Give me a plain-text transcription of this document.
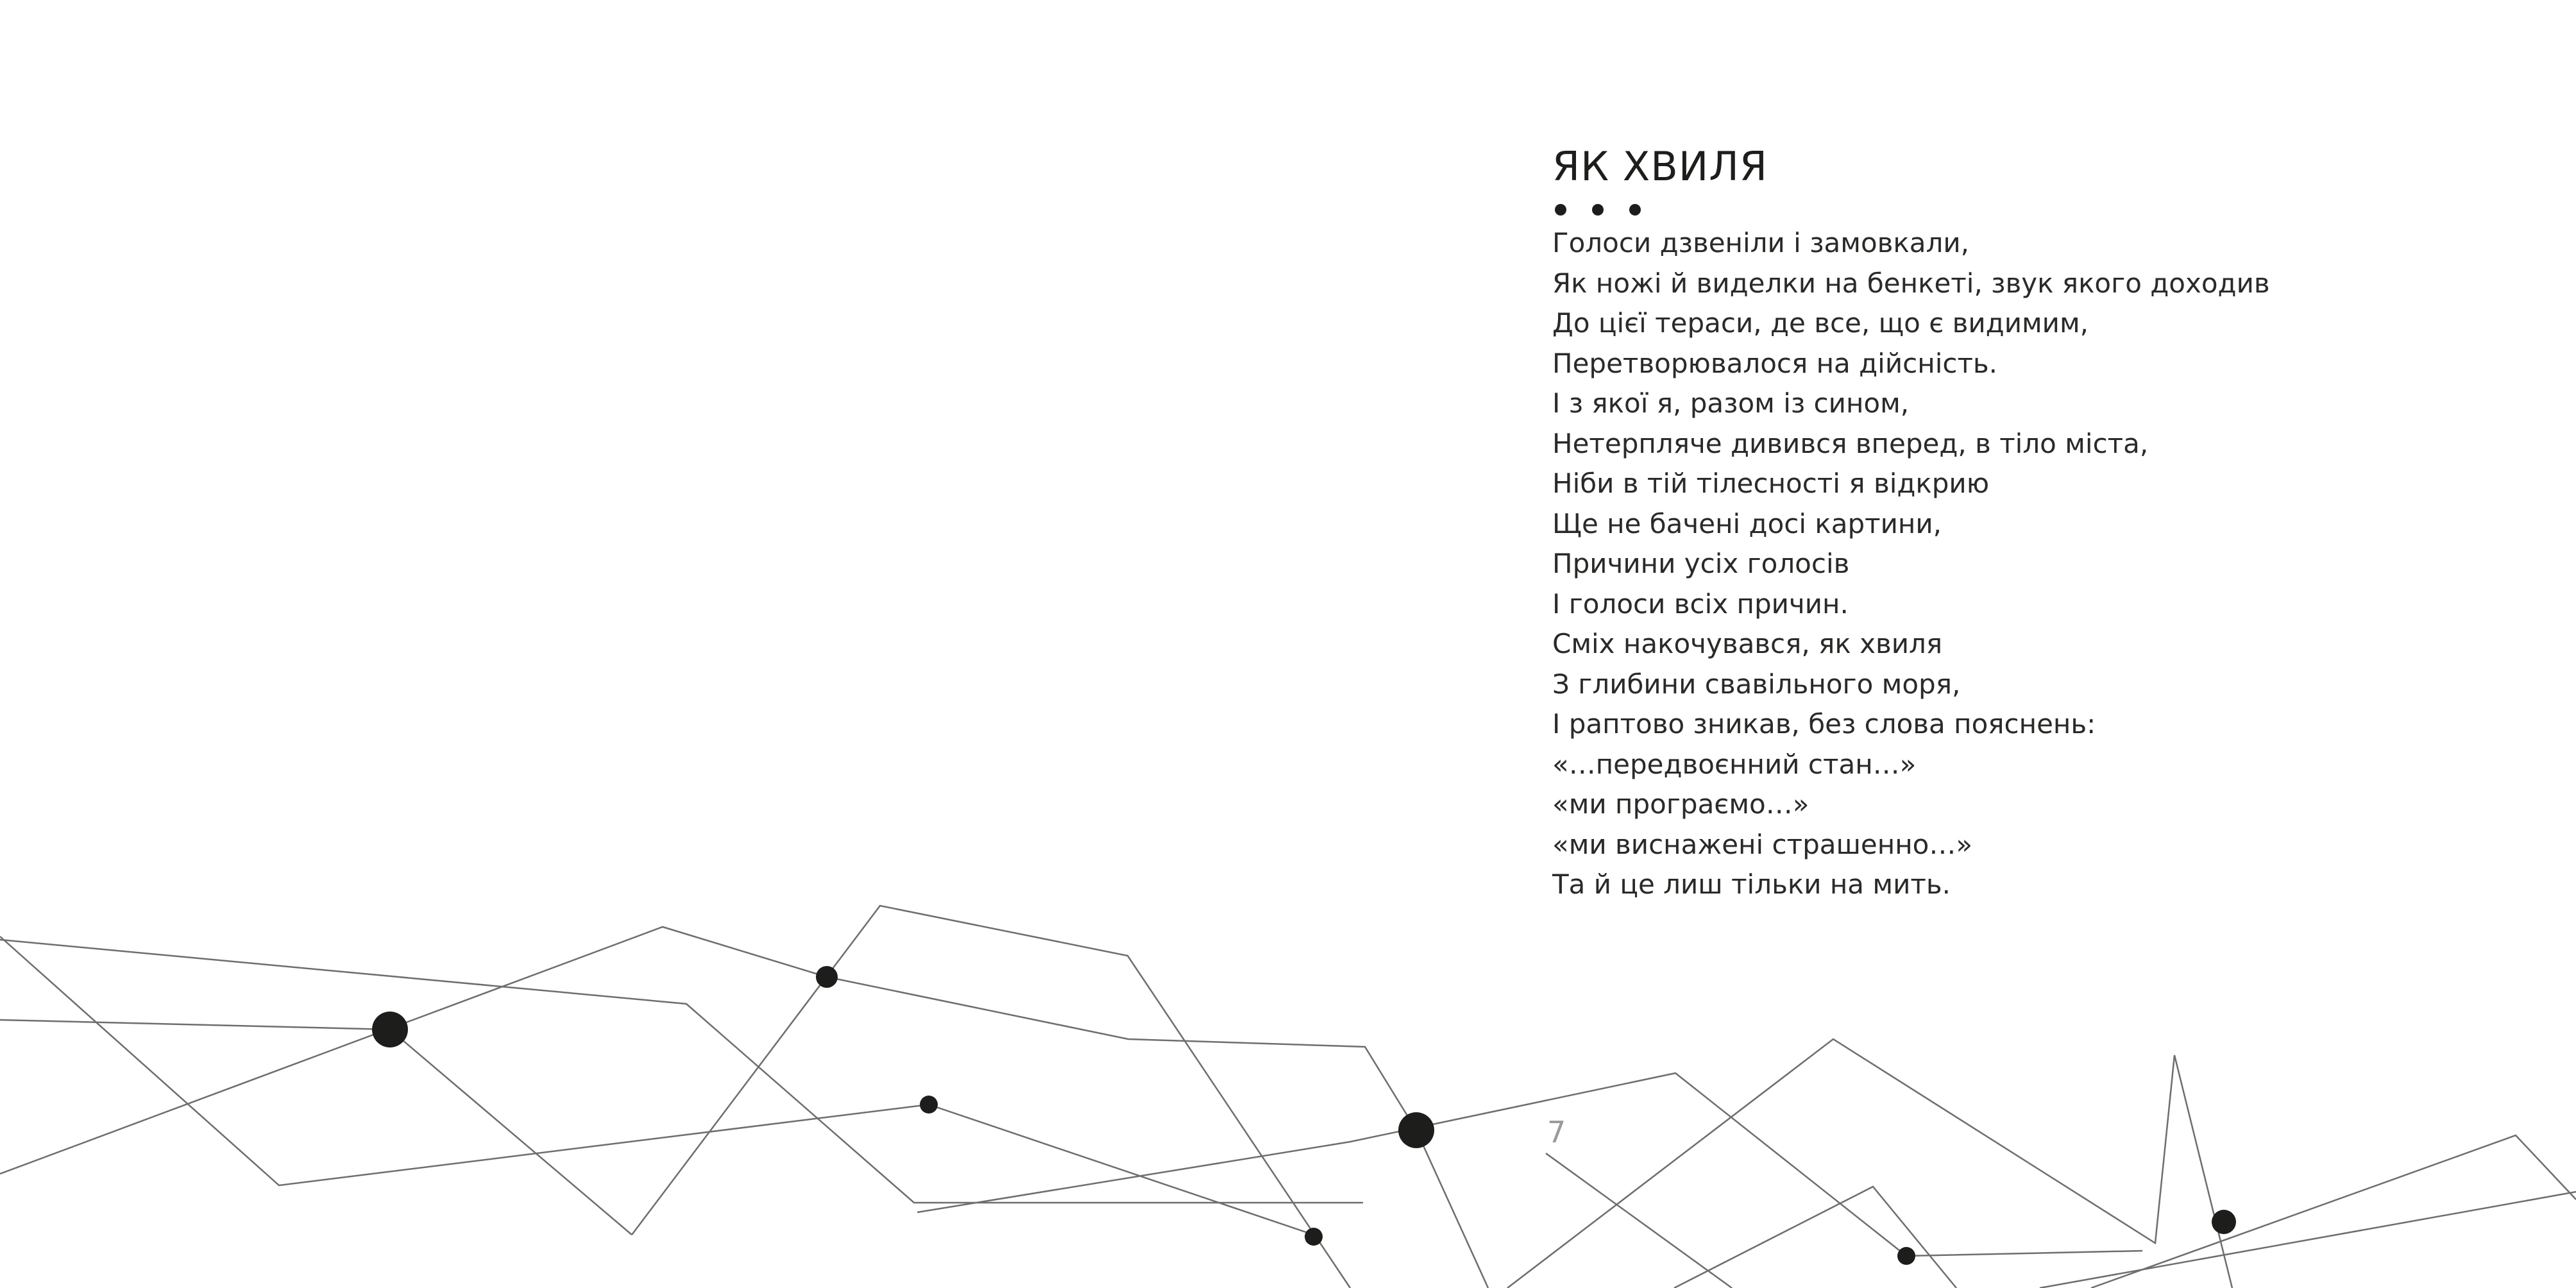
ЯК ХВИЛЯ
Голоси дзвеніли і замовкали,
Як ножі й виделки на бенкеті, звук якого доходив
До цієї тераси, де все, що є видимим,
Перетворювалося на дійсність.
І з якої я, разом із сином,
Нетерпляче дивився вперед, в тіло міста,
Ніби в тій тілесності я відкрию
Ще не бачені досі картини,
Причини усіх голосів
І голоси всіх причин.
Сміх накочувався, як хвиля
З глибини свавільного моря,
І раптово зникав, без слова пояснень:
«…передвоєнний стан…»
«ми програємо…»
«ми виснажені страшенно…»
Та й це лиш тільки на мить.
7
